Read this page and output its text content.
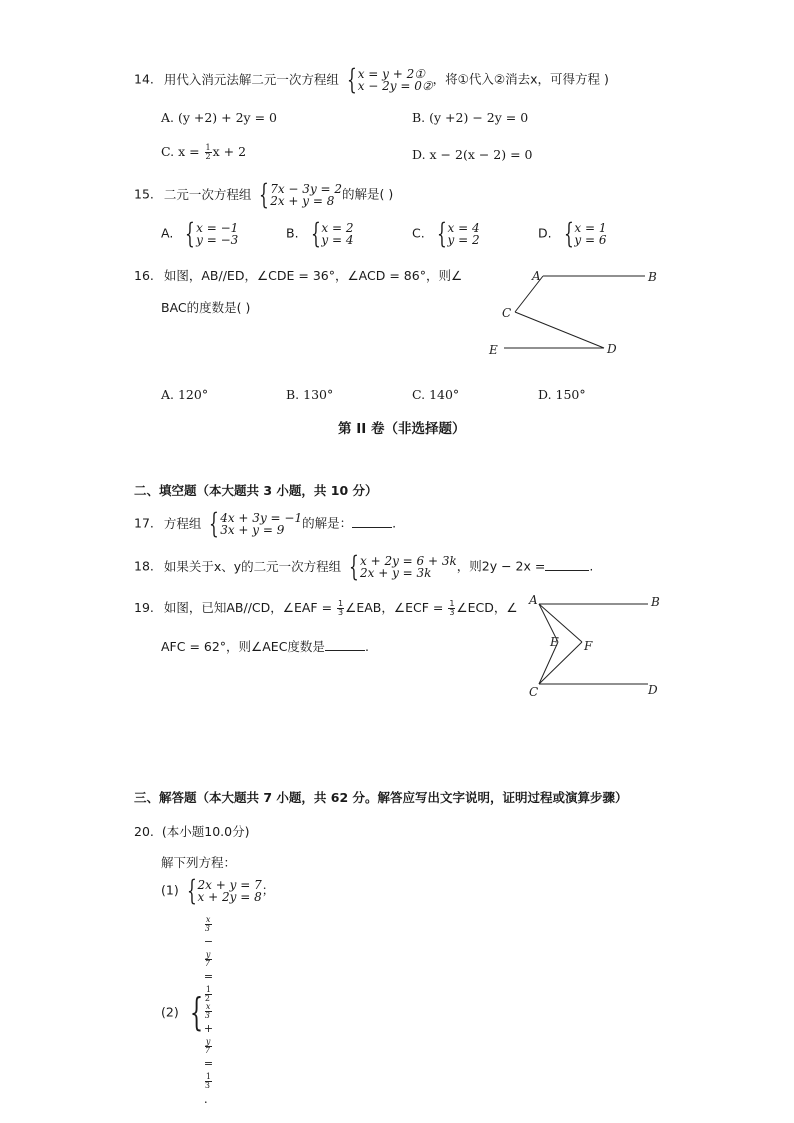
14. 用代入消元法解二元一次方程组 { x = y + 2①
x − 2y = 0② ，将①代入②消去x，可得方程 )
A. (y +2) + 2y = 0	B. (y +2) − 2y = 0
C. $x = \frac{1}{2}$ x + 2	D. x − 2(x − 2) = 0
15. 二元一次方程组 { 7x − 3y = 2
2x + y = 8 的解是( )
A. { x = −1
y = −3	B. { x = 2
y = 4	C. { x = 4
y = 2	D. { x = 1
y = 6
16. 如图，AB//ED，∠CDE = 36°，∠ACD = 86°，则∠
BAC的度数是( )
A	B
C
E	D
A. 120°	B. 130°	C. 140°	D. 150°
第 II 卷（非选择题）
二、填空题（本大题共 3 小题，共 10 分）
17. 方程组 { 4x + 3y = −1
3x + y = 9	的解是：	.
18. 如果关于x、y的二元一次方程组 { x + 2y = 6 + 3k
2x + y = 3k	，则2y − 2x =	.
19. 如图，已知AB//CD，∠EAF = $\frac{1}{3}$ ∠EAB，∠ECF = $\frac{1}{3}$ ∠ECD，∠
AFC = 62°，则∠AEC度数是	.
A	B
E F
C	D
三、解答题（本大题共 7 小题，共 62 分。解答应写出文字说明，证明过程或演算步骤）
20. (本小题10.0分)
解下列方程：
(1) { 2x + y = 7
x + 2y = 8 ；
(2) {
x
3
−
y
7
=
1
2
x
3
+
y
7
=
1
3
.
